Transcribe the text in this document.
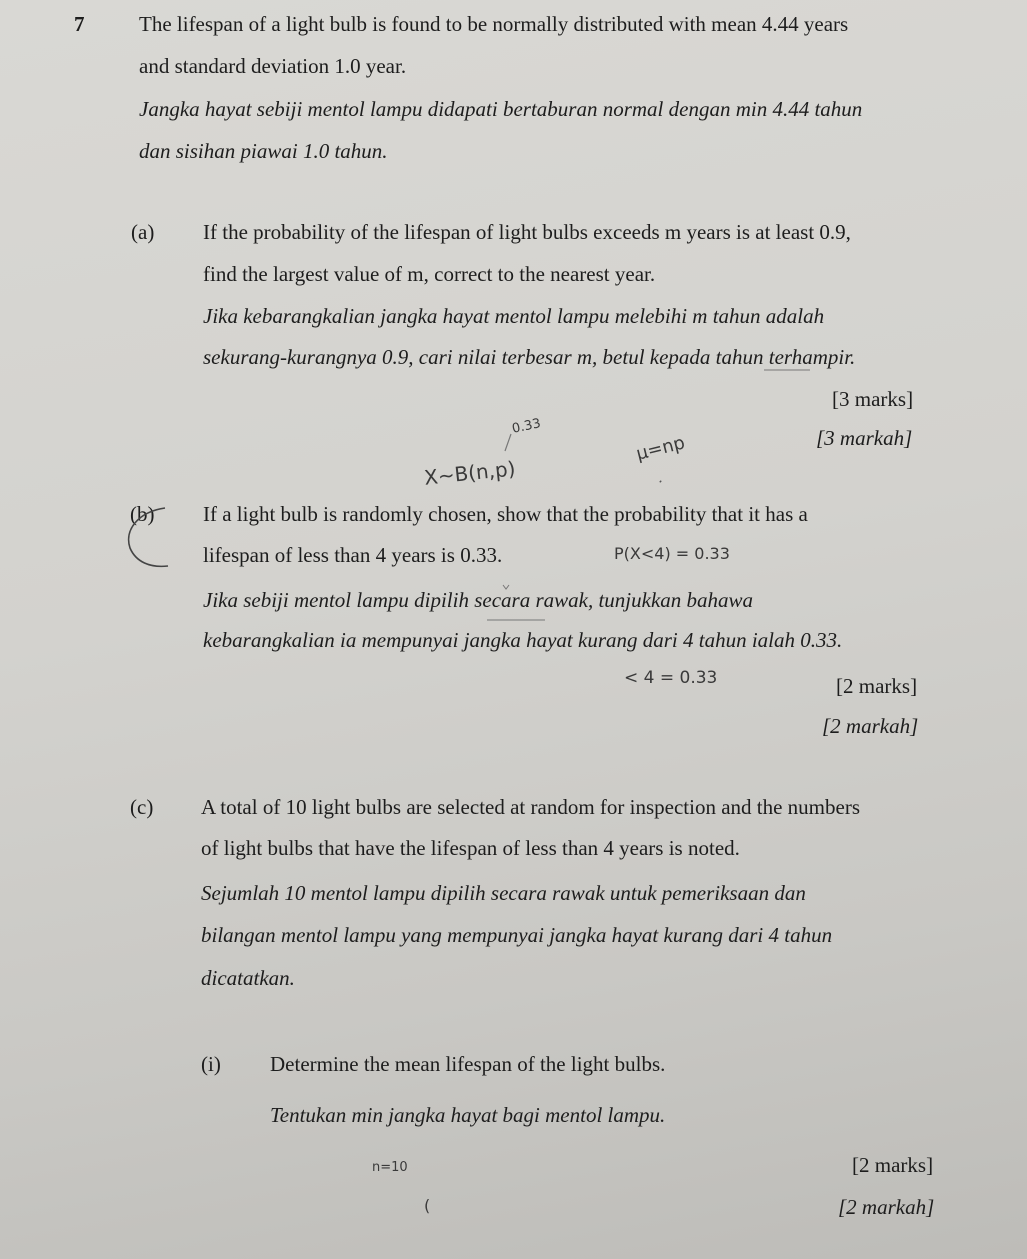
7	The lifespan of a light bulb is found to be normally distributed with mean 4.44 years
and standard deviation 1.0 year.
Jangka hayat sebiji mentol lampu didapati bertaburan normal dengan min 4.44 tahun
dan sisihan piawai 1.0 tahun.
(a) If the probability of the lifespan of light bulbs exceeds m years is at least 0.9,
find the largest value of m, correct to the nearest year.
Jika kebarangkalian jangka hayat mentol lampu melebihi m tahun adalah
sekurang-kurangnya 0.9, cari nilai terbesar m, betul kepada tahun terhampir.
[3 marks]
[3 markah]
(b) If a light bulb is randomly chosen, show that the probability that it has a
lifespan of less than 4 years is 0.33.
Jika sebiji mentol lampu dipilih secara rawak, tunjukkan bahawa
kebarangkalian ia mempunyai jangka hayat kurang dari 4 tahun ialah 0.33.
[2 marks]
[2 markah]
(c) A total of 10 light bulbs are selected at random for inspection and the numbers
of light bulbs that have the lifespan of less than 4 years is noted.
Sejumlah 10 mentol lampu dipilih secara rawak untuk pemeriksaan dan
bilangan mentol lampu yang mempunyai jangka hayat kurang dari 4 tahun
dicatatkan.
(i) Determine the mean lifespan of the light bulbs.
Tentukan min jangka hayat bagi mentol lampu.
[2 marks]
[2 markah]
0.33
X~B(n,p)
μ=np
P(X<4) = 0.33
< 4 = 0.33
n=10
(
